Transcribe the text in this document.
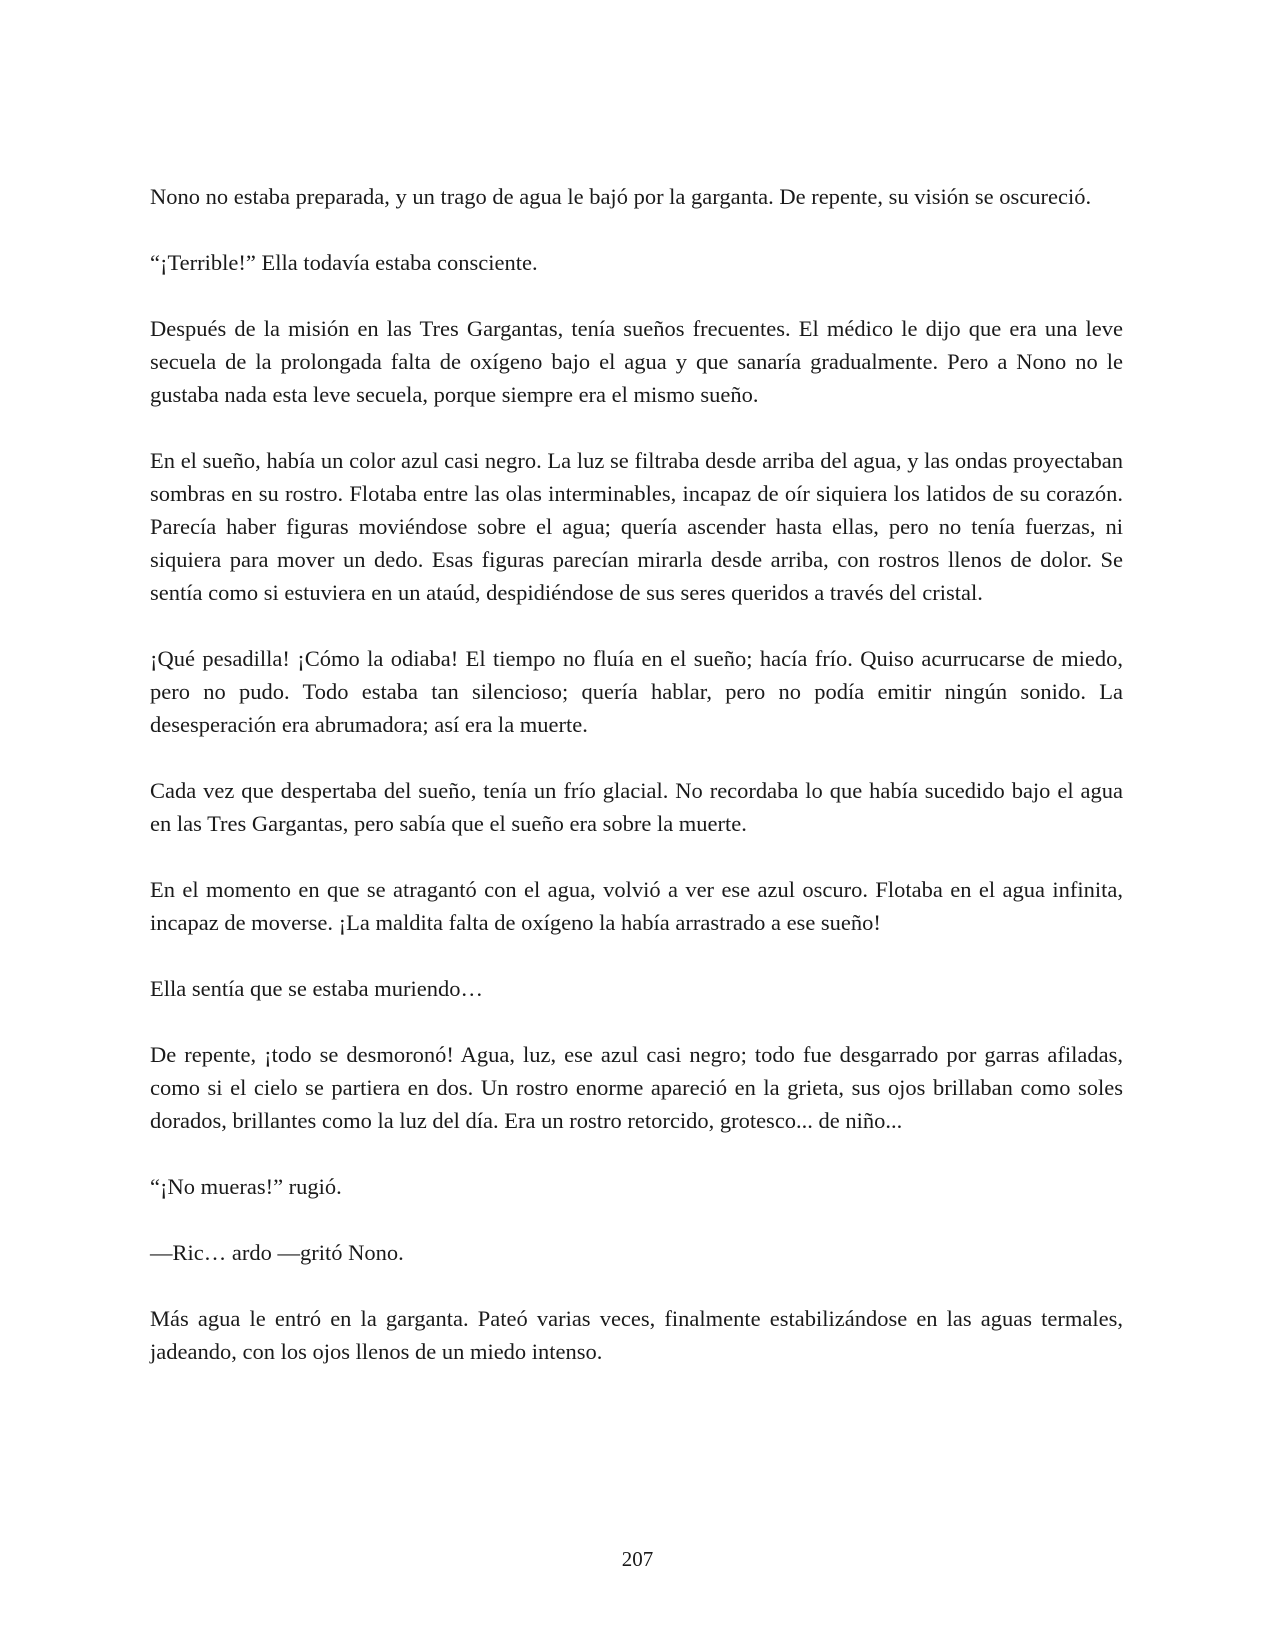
Nono no estaba preparada, y un trago de agua le bajó por la garganta. De repente, su visión se oscureció.

“¡Terrible!” Ella todavía estaba consciente.

Después de la misión en las Tres Gargantas, tenía sueños frecuentes. El médico le dijo que era una leve secuela de la prolongada falta de oxígeno bajo el agua y que sanaría gradualmente. Pero a Nono no le gustaba nada esta leve secuela, porque siempre era el mismo sueño.

En el sueño, había un color azul casi negro. La luz se filtraba desde arriba del agua, y las ondas proyectaban sombras en su rostro. Flotaba entre las olas interminables, incapaz de oír siquiera los latidos de su corazón. Parecía haber figuras moviéndose sobre el agua; quería ascender hasta ellas, pero no tenía fuerzas, ni siquiera para mover un dedo. Esas figuras parecían mirarla desde arriba, con rostros llenos de dolor. Se sentía como si estuviera en un ataúd, despidiéndose de sus seres queridos a través del cristal.

¡Qué pesadilla! ¡Cómo la odiaba! El tiempo no fluía en el sueño; hacía frío. Quiso acurrucarse de miedo, pero no pudo. Todo estaba tan silencioso; quería hablar, pero no podía emitir ningún sonido. La desesperación era abrumadora; así era la muerte.

Cada vez que despertaba del sueño, tenía un frío glacial. No recordaba lo que había sucedido bajo el agua en las Tres Gargantas, pero sabía que el sueño era sobre la muerte.

En el momento en que se atragantó con el agua, volvió a ver ese azul oscuro. Flotaba en el agua infinita, incapaz de moverse. ¡La maldita falta de oxígeno la había arrastrado a ese sueño!

Ella sentía que se estaba muriendo…

De repente, ¡todo se desmoronó! Agua, luz, ese azul casi negro; todo fue desgarrado por garras afiladas, como si el cielo se partiera en dos. Un rostro enorme apareció en la grieta, sus ojos brillaban como soles dorados, brillantes como la luz del día. Era un rostro retorcido, grotesco... de niño...

“¡No mueras!” rugió.

—Ric… ardo —gritó Nono.

Más agua le entró en la garganta. Pateó varias veces, finalmente estabilizándose en las aguas termales, jadeando, con los ojos llenos de un miedo intenso.

207
